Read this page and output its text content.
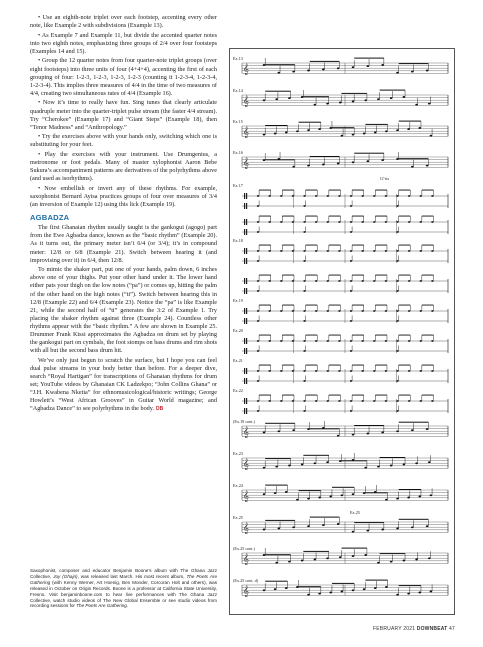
• Use an eighth-note triplet over each footstep, accenting every other note, like Example 2 with subdivisions (Example 13).

• As Example 7 and Example 11, but divide the accented quarter notes into two eighth notes, emphasizing three groups of 2/4 over four footsteps (Examples 14 and 15).

• Group the 12 quarter notes from four quarter-note triplet groups (over eight footsteps) into three units of four (4+4+4), accenting the first of each grouping of four: 1-2-3, 1-2-3, 1-2-3, 1-2-3 (counting it 1-2-3-4, 1-2-3-4, 1-2-3-4). This implies three measures of 4/4 in the time of two measures of 4/4, creating two simultaneous rates of 4/4 (Example 16).

• Now it’s time to really have fun. Sing tunes that clearly articulate quadruple meter into the quarter-triplet pulse stream (the faster 4/4 stream). Try “Cherokee” (Example 17) and “Giant Steps” (Example 18), then “Tenor Madness” and “Anthropology.”

• Try the exercises above with your hands only, switching which one is substituting for your feet.

• Play the exercises with your instrument. Use Drumgenius, a metronome or foot pedals. Many of master xylophonist Aaron Bebe Sukura’s accompaniment patterns are derivatives of the polyrhythms above (and used as isorhythms).

• Now embellish or invert any of these rhythms. For example, saxophonist Bernard Ayisa practices groups of four over measures of 3/4 (an inversion of Example 12) using this lick (Example 19).

AGBADZA

The first Ghanaian rhythm usually taught is the gankogui (agogo) part from the Ewe Agbadza dance, known as the “basic rhythm” (Example 20). As it turns out, the primary meter isn’t 6/4 (or 3/4); it’s in compound meter: 12/8 or 6/8 (Example 21). Switch between hearing it (and improvising over it) in 6/4, then 12/8.

To mimic the shaker part, put one of your hands, palm down, 6 inches above one of your thighs. Put your other hand under it. The lower hand either pats your thigh on the low notes (“pa”) or comes up, hitting the palm of the other hand on the high notes (“ti”). Switch between hearing this in 12/8 (Example 22) and 6/4 (Example 23). Notice the “pa” is like Example 21, while the second half of “ti” generates the 3:2 of Example 1. Try placing the shaker rhythm against three (Example 24). Countless other rhythms appear with the “basic rhythm.” A few are shown in Example 25. Drummer Frank Kissi approximates the Agbadza on drum set by playing the gankogui part on cymbals, the foot stomps on bass drums and rim shots with all but the second bass drum hit.

We’ve only just begun to scratch the surface, but I hope you can feel dual pulse streams in your body better than before. For a deeper dive, search “Royal Hartigan” for transcriptions of Ghanaian rhythms for drum set; YouTube videos by Ghanaian CK Ladzekpo; “John Collins Ghana” or “J.H. Kwabena Nketia” for ethnomusicological/historic writings; George Howlett’s “West African Grooves” in Guitar World magazine; and “Agbadza Dance” to see polyrhythms in the body. DB

Saxophonist, composer and educator Benjamin Boone’s album with The Ghana Jazz Collective, Joy (Ghajn), was released last March. His most recent album, The Poets Are Gathering (with Kenny Werner, Art Hoenig, Ben Monder, Corcoran Holt and others), was released in October on Origin Records. Boone is a professor at California State University, Fresno. Visit benjaminboone.com to hear live performances with The Ghana Jazz Collective, watch studio videos of The New Global Ensemble or see studio videos from recording sessions for The Poets Are Gathering.
Ex.13
𝄞
Ex.14
𝄞
Ex.15
𝄞
Ex.16
𝄞
Ex.17
Ex.18
Ex.19
Ex.20
Ex.21
Ex.22
(Ex.19 cont.)
𝄞
Ex.23
𝄞
Ex.24
𝄞
Ex.25
𝄞
(Ex.25 cont.)
𝄞
(Ex.25 cont. d)
𝄞
G°sts
Ex.25
FEBRUARY 2021 DOWNBEAT 47
